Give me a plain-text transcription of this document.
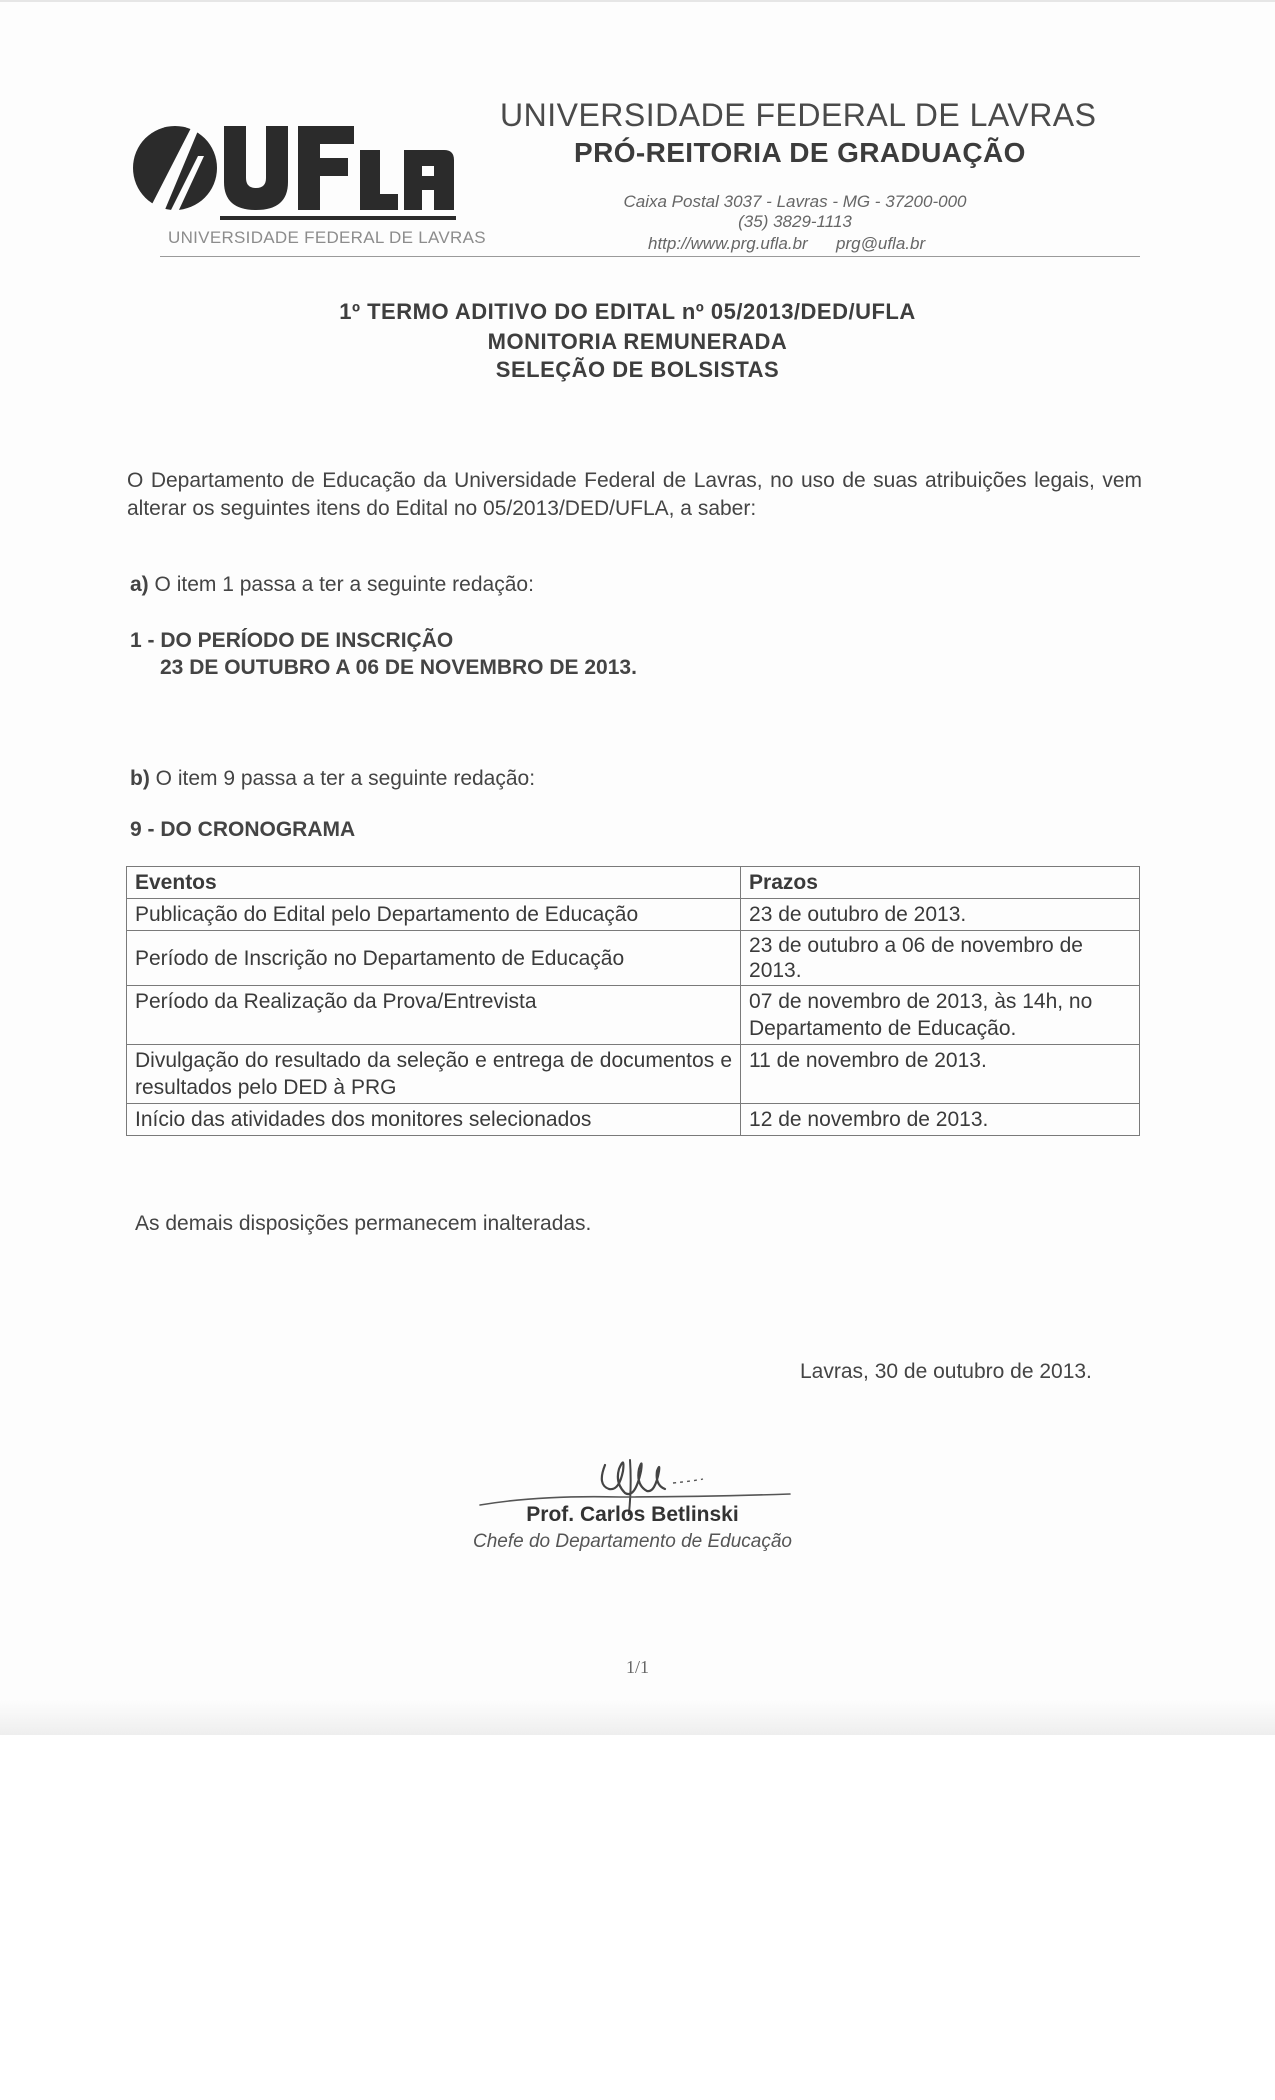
UNIVERSIDADE FEDERAL DE LAVRAS
UNIVERSIDADE FEDERAL DE LAVRAS
PRÓ-REITORIA DE GRADUAÇÃO
Caixa Postal 3037 - Lavras - MG - 37200-000
(35) 3829-1113
http://www.prg.ufla.br prg@ufla.br
1º TERMO ADITIVO DO EDITAL nº 05/2013/DED/UFLA
MONITORIA REMUNERADA
SELEÇÃO DE BOLSISTAS
O Departamento de Educação da Universidade Federal de Lavras, no uso de suas atribuições legais, vem alterar os seguintes itens do Edital no 05/2013/DED/UFLA, a saber:
a) O item 1 passa a ter a seguinte redação:
1 - DO PERÍODO DE INSCRIÇÃO
23 DE OUTUBRO A 06 DE NOVEMBRO DE 2013.
b) O item 9 passa a ter a seguinte redação:
9 - DO CRONOGRAMA
Eventos	Prazos
Publicação do Edital pelo Departamento de Educação	23 de outubro de 2013.
Período de Inscrição no Departamento de Educação	23 de outubro a 06 de novembro de 2013.
Período da Realização da Prova/Entrevista	07 de novembro de 2013, às 14h, no Departamento de Educação.
Divulgação do resultado da seleção e entrega de documentos e resultados pelo DED à PRG	11 de novembro de 2013.
Início das atividades dos monitores selecionados	12 de novembro de 2013.
As demais disposições permanecem inalteradas.
Lavras, 30 de outubro de 2013.
Prof. Carlos Betlinski
Chefe do Departamento de Educação
1/1
